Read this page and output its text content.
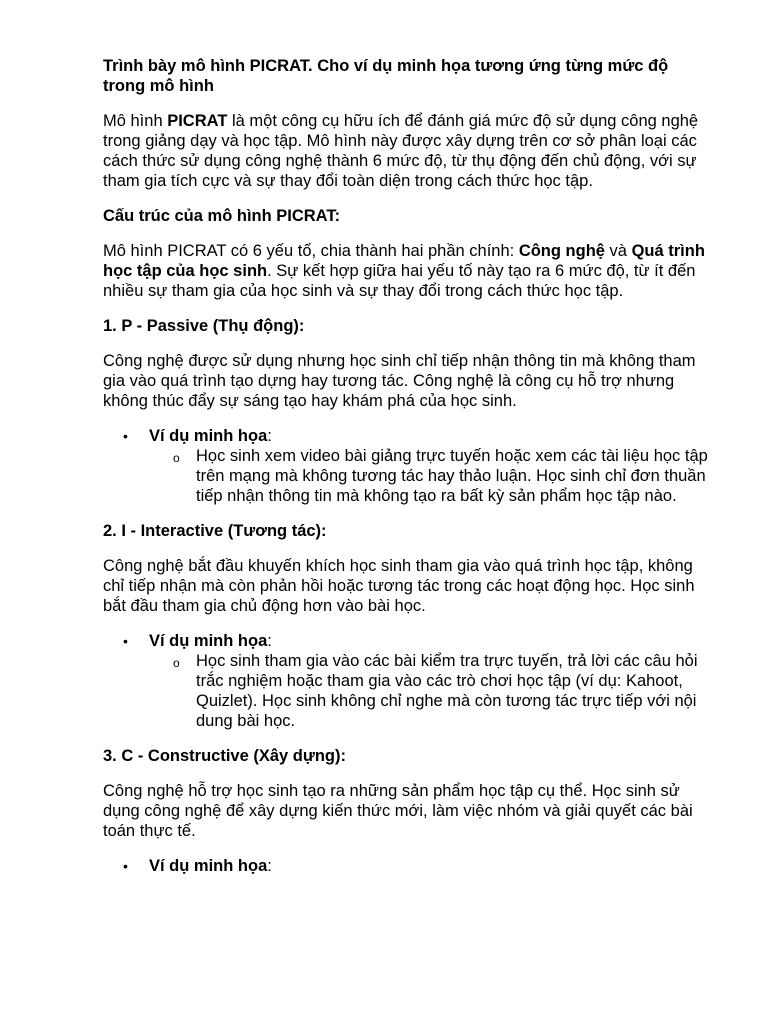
Trình bày mô hình PICRAT. Cho ví dụ minh họa tương ứng từng mức độ trong mô hình

Mô hình PICRAT là một công cụ hữu ích để đánh giá mức độ sử dụng công nghệ trong giảng dạy và học tập. Mô hình này được xây dựng trên cơ sở phân loại các cách thức sử dụng công nghệ thành 6 mức độ, từ thụ động đến chủ động, với sự tham gia tích cực và sự thay đổi toàn diện trong cách thức học tập.

Cấu trúc của mô hình PICRAT:

Mô hình PICRAT có 6 yếu tố, chia thành hai phần chính: Công nghệ và Quá trình học tập của học sinh. Sự kết hợp giữa hai yếu tố này tạo ra 6 mức độ, từ ít đến nhiều sự tham gia của học sinh và sự thay đổi trong cách thức học tập.

1. P - Passive (Thụ động):

Công nghệ được sử dụng nhưng học sinh chỉ tiếp nhận thông tin mà không tham gia vào quá trình tạo dựng hay tương tác. Công nghệ là công cụ hỗ trợ nhưng không thúc đẩy sự sáng tạo hay khám phá của học sinh.

• Ví dụ minh họa:
o Học sinh xem video bài giảng trực tuyến hoặc xem các tài liệu học tập trên mạng mà không tương tác hay thảo luận. Học sinh chỉ đơn thuần tiếp nhận thông tin mà không tạo ra bất kỳ sản phẩm học tập nào.
2. I - Interactive (Tương tác):

Công nghệ bắt đầu khuyến khích học sinh tham gia vào quá trình học tập, không chỉ tiếp nhận mà còn phản hồi hoặc tương tác trong các hoạt động học. Học sinh bắt đầu tham gia chủ động hơn vào bài học.

• Ví dụ minh họa:
o Học sinh tham gia vào các bài kiểm tra trực tuyến, trả lời các câu hỏi trắc nghiệm hoặc tham gia vào các trò chơi học tập (ví dụ: Kahoot, Quizlet). Học sinh không chỉ nghe mà còn tương tác trực tiếp với nội dung bài học.
3. C - Constructive (Xây dựng):

Công nghệ hỗ trợ học sinh tạo ra những sản phẩm học tập cụ thể. Học sinh sử dụng công nghệ để xây dựng kiến thức mới, làm việc nhóm và giải quyết các bài toán thực tế.

• Ví dụ minh họa:
